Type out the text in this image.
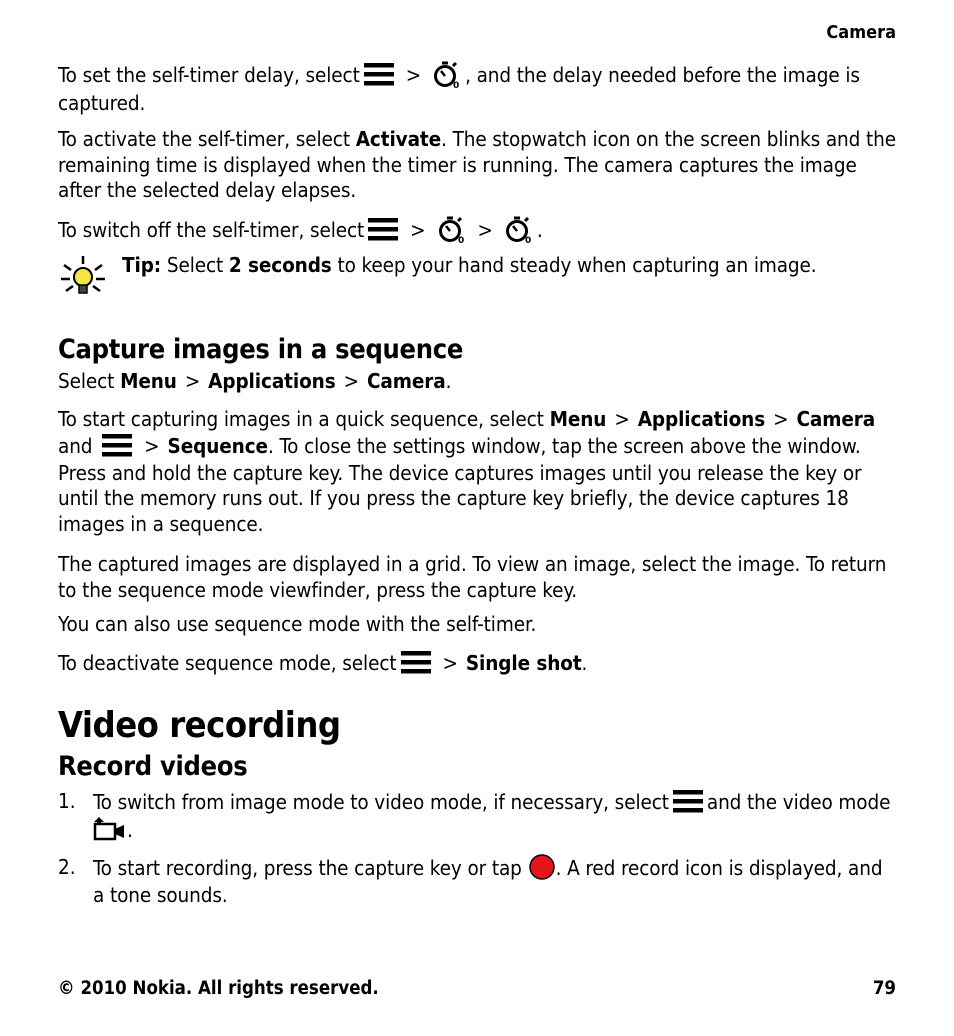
Camera

To set the self-timer delay, select > , and the delay needed before the image is captured.

To activate the self-timer, select Activate. The stopwatch icon on the screen blinks and the remaining time is displayed when the timer is running. The camera captures the image after the selected delay elapses.

To switch off the self-timer, select >	> .

Tip: Select 2 seconds to keep your hand steady when capturing an image.

Capture images in a sequence

Select Menu > Applications > Camera.

To start capturing images in a quick sequence, select Menu > Applications > Camera and > Sequence. To close the settings window, tap the screen above the window. Press and hold the capture key. The device captures images until you release the key or until the memory runs out. If you press the capture key briefly, the device captures 18 images in a sequence.

The captured images are displayed in a grid. To view an image, select the image. To return to the sequence mode viewfinder, press the capture key.

You can also use sequence mode with the self-timer.

To deactivate sequence mode, select > Single shot.

Video recording
Record videos
1. To switch from image mode to video mode, if necessary, select and the video mode .

2. To start recording, press the capture key or tap . A red record icon is displayed, and a tone sounds.

© 2010 Nokia. All rights reserved.	79
